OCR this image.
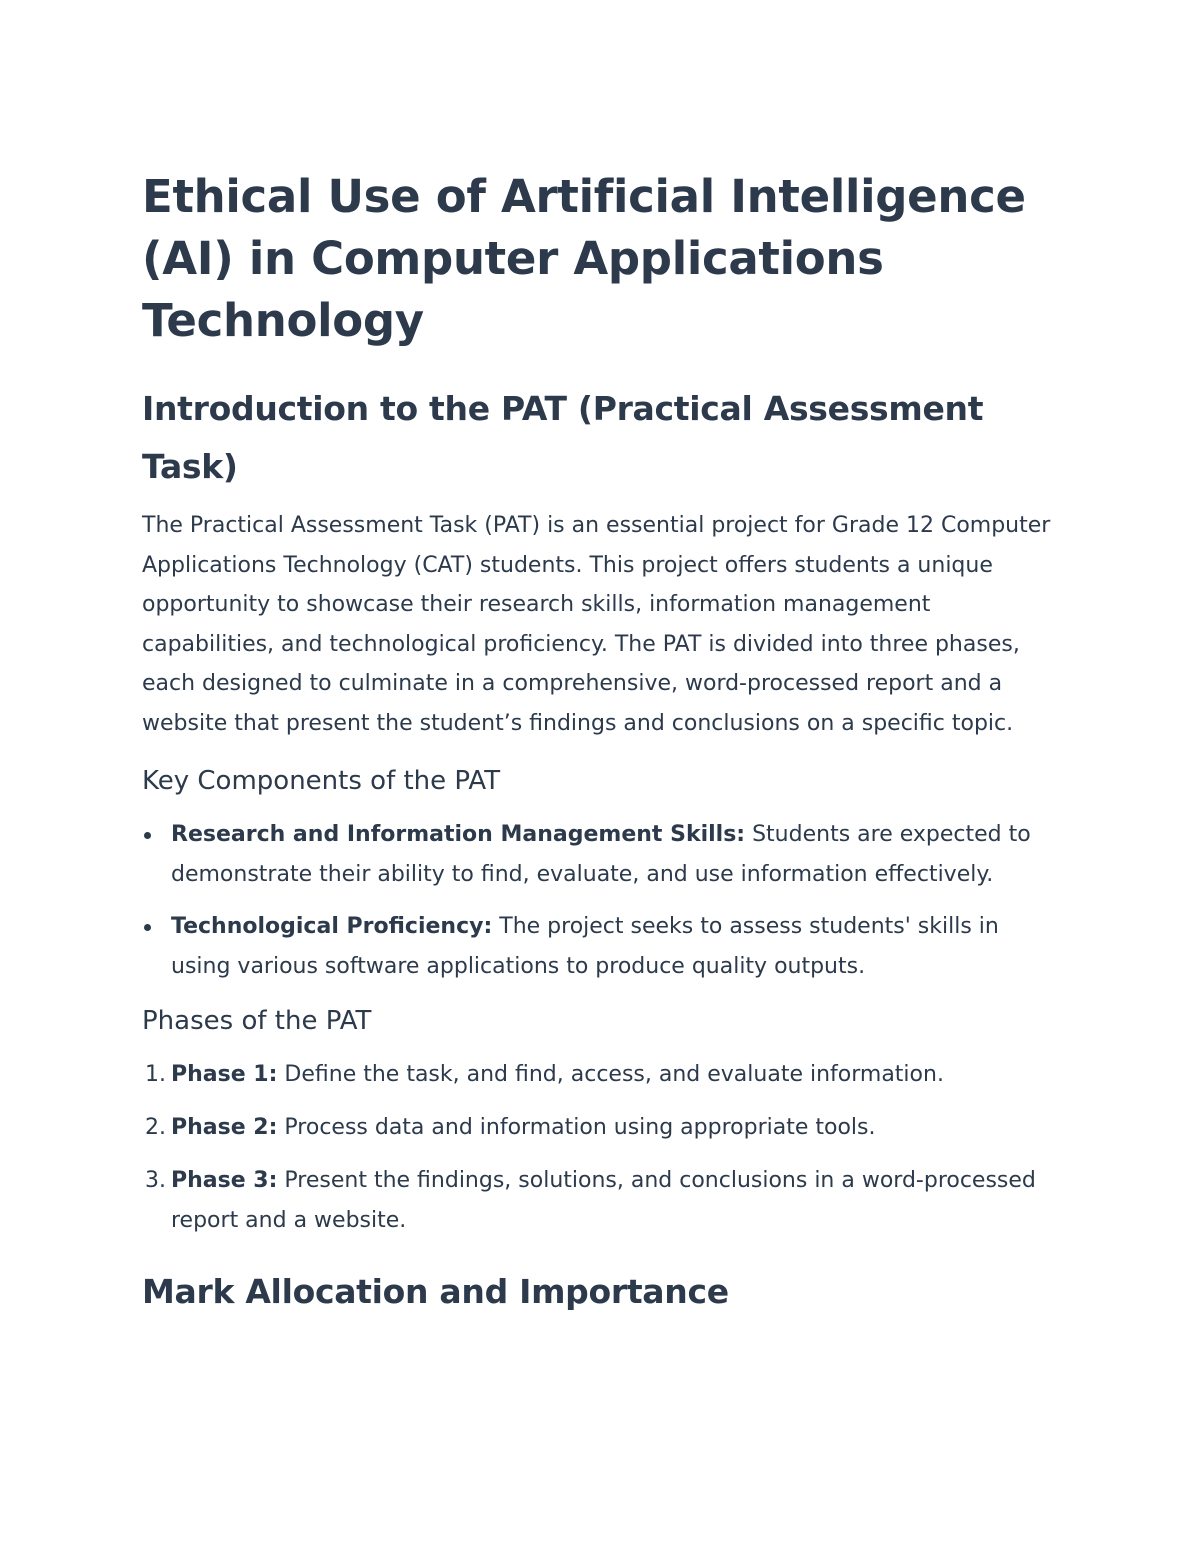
Ethical Use of Artificial Intelligence (AI) in Computer Applications Technology
Introduction to the PAT (Practical Assessment Task)

The Practical Assessment Task (PAT) is an essential project for Grade 12 Computer Applications Technology (CAT) students. This project offers students a unique opportunity to showcase their research skills, information management capabilities, and technological proficiency. The PAT is divided into three phases, each designed to culminate in a comprehensive, word-processed report and a website that present the student’s findings and conclusions on a specific topic.

Key Components of the PAT
Research and Information Management Skills: Students are expected to demonstrate their ability to find, evaluate, and use information effectively.
Technological Proficiency: The project seeks to assess students' skills in using various software applications to produce quality outputs.
Phases of the PAT
1. Phase 1: Define the task, and find, access, and evaluate information.
2. Phase 2: Process data and information using appropriate tools.
3. Phase 3: Present the findings, solutions, and conclusions in a word-processed report and a website.
Mark Allocation and Importance
